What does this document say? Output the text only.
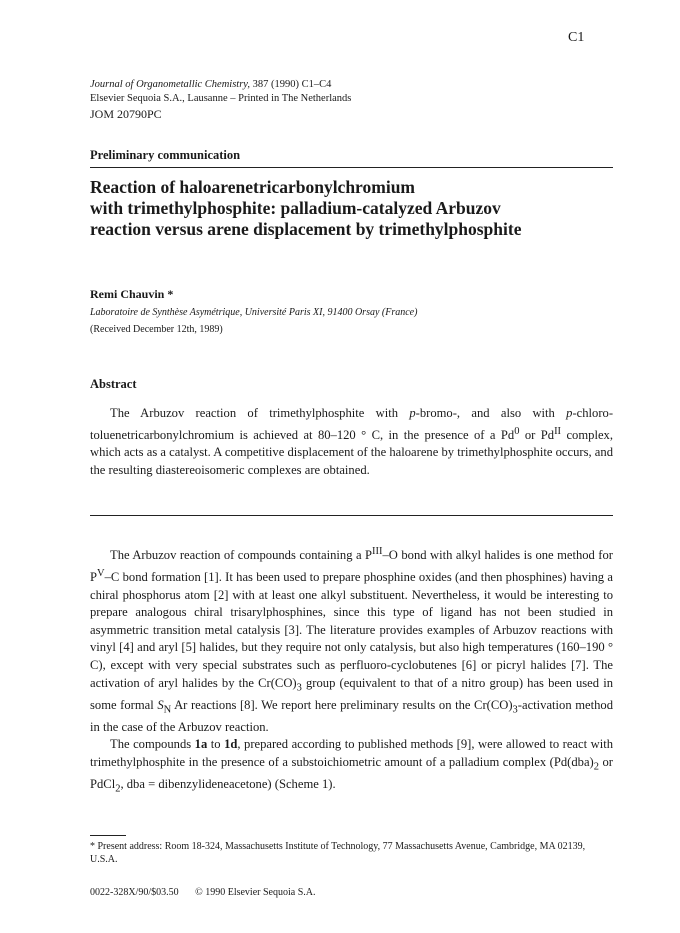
C1
Journal of Organometallic Chemistry, 387 (1990) C1–C4
Elsevier Sequoia S.A., Lausanne – Printed in The Netherlands
JOM 20790PC
Preliminary communication
Reaction of haloarenetricarbonylchromium
with trimethylphosphite: palladium-catalyzed Arbuzov
reaction versus arene displacement by trimethylphosphite
Remi Chauvin *
Laboratoire de Synthèse Asymétrique, Université Paris XI, 91400 Orsay (France)
(Received December 12th, 1989)
Abstract
The Arbuzov reaction of trimethylphosphite with p-bromo-, and also with p-chloro-toluenetricarbonylchromium is achieved at 80–120 ° C, in the presence of a Pd$^0$ or $Pd^{II}$ complex, which acts as a catalyst. A competitive displacement of the haloarene by trimethylphosphite occurs, and the resulting diastereoisomeric complexes are obtained.

The Arbuzov reaction of compounds containing a $P^{III}-O$ bond with alkyl halides is one method for $P^V-C$ bond formation [1]. It has been used to prepare phosphine oxides (and then phosphines) having a chiral phosphorus atom [2] with at least one alkyl substituent. Nevertheless, it would be interesting to prepare analogous chiral trisarylphosphines, since this type of ligand has not been studied in asymmetric transition metal catalysis [3]. The literature provides examples of Arbuzov reactions with vinyl [4] and aryl [5] halides, but they require not only catalysis, but also high temperatures (160–190 ° C), except with very special substrates such as perfluoro-cyclobutenes [6] or picryl halides [7]. The activation of aryl halides by the $Cr(CO)_3$ group (equivalent to that of a nitro group) has been used in some formal $S_N$ Ar reactions [8]. We report here preliminary results on the $Cr(CO)_3$-activation method in the case of the Arbuzov reaction.

The compounds 1a to 1d, prepared according to published methods [9], were allowed to react with trimethylphosphite in the presence of a substoichiometric amount of a palladium complex ($Pd(dba)_2$ or PdCl$_2$, dba = dibenzylideneacetone) (Scheme 1).

* Present address: Room 18-324, Massachusetts Institute of Technology, 77 Massachusetts Avenue, Cambridge, MA 02139, U.S.A.
0022-328X/90/$03.50 © 1990 Elsevier Sequoia S.A.
